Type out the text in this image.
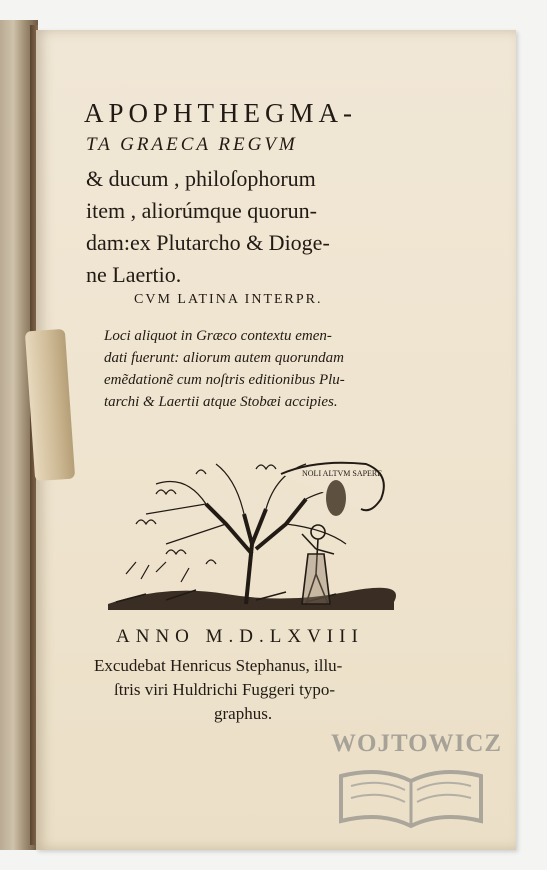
APOPHTHEGMA-
TA GRAECA REGVM
& ducum , philoſophorum
item , aliorúmque quorun-
dam:ex Plutarcho & Dioge-
ne Laertio.
CVM LATINA INTERPR.
Loci aliquot in Græco contextu emen-
dati fuerunt: aliorum autem quorundam
emẽdationẽ cum noſtris editionibus Plu-
tarchi & Laertii atque Stobæi accipies.
NOLI ALTVM SAPERE
ANNO M.D.LXVIII
Excudebat Henricus Stephanus, illu-
ſtris viri Huldrichi Fuggeri typo-
graphus.
WOJTOWICZ
